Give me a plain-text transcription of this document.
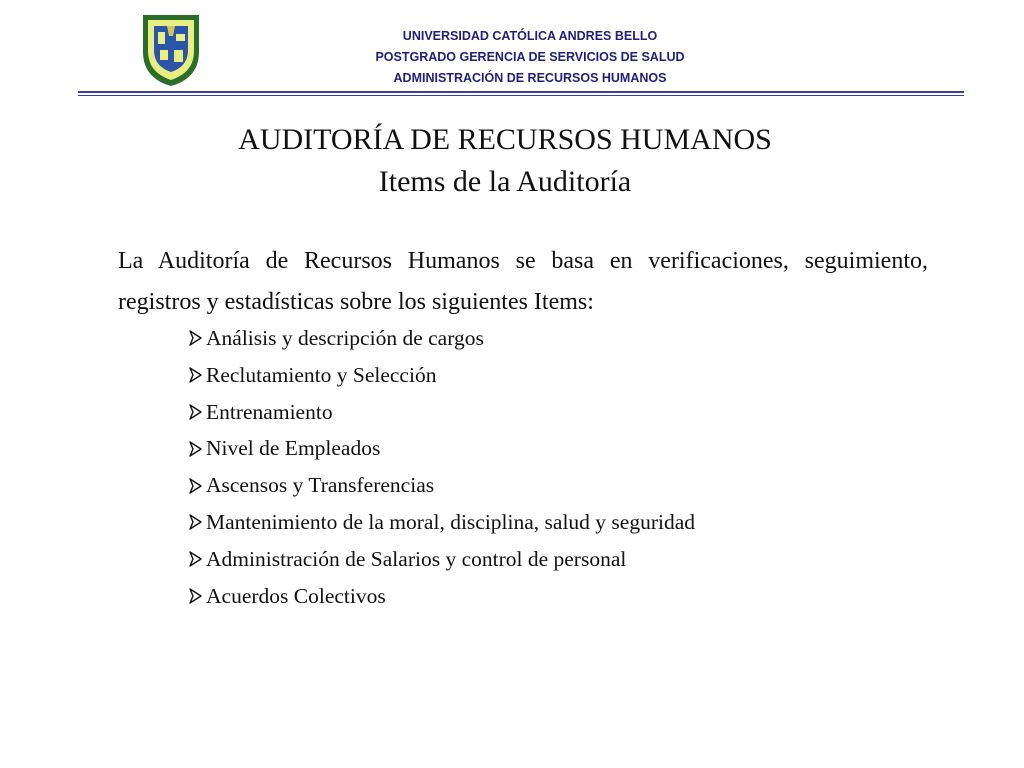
UNIVERSIDAD CATÓLICA ANDRES BELLO
POSTGRADO GERENCIA DE SERVICIOS DE SALUD
ADMINISTRACIÓN DE RECURSOS HUMANOS
AUDITORÍA DE RECURSOS HUMANOS
Items de la Auditoría
La Auditoría de Recursos Humanos se basa en verificaciones, seguimiento, registros y estadísticas sobre los siguientes Items:
Análisis y descripción de cargos
Reclutamiento y Selección
Entrenamiento
Nivel de Empleados
Ascensos y Transferencias
Mantenimiento de la moral, disciplina, salud y seguridad
Administración de Salarios y control de personal
Acuerdos Colectivos
